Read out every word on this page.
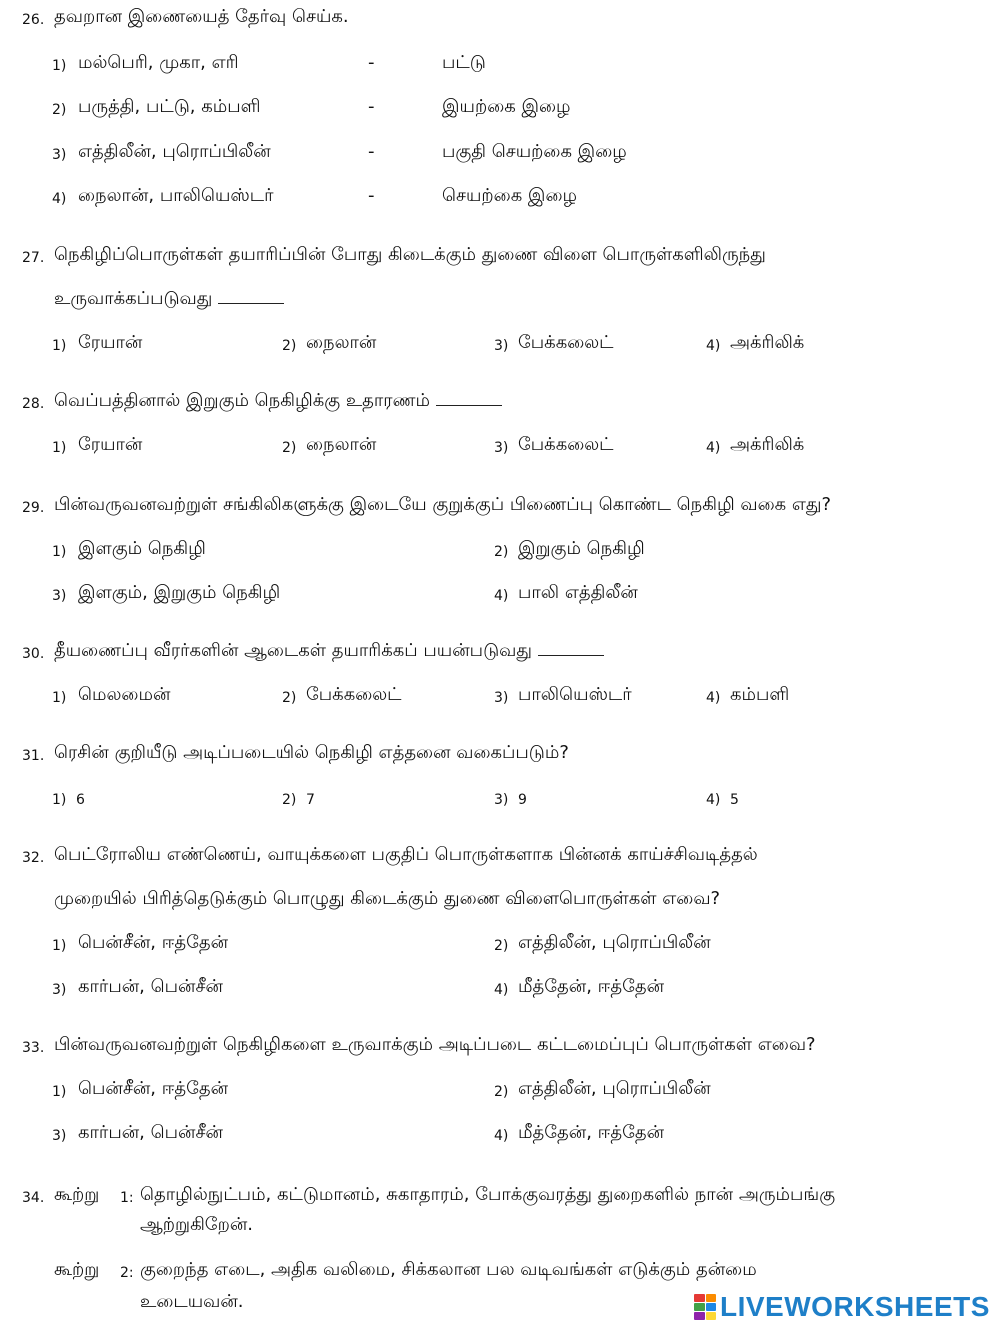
26. தவறான இணையைத் தேர்வு செய்க.
1) மல்பெரி, முகா, எரி	-	பட்டு
2) பருத்தி, பட்டு, கம்பளி	-	இயற்கை இழை
3) எத்திலீன், புரொப்பிலீன்	-	பகுதி செயற்கை இழை
4) நைலான், பாலியெஸ்டர்	-	செயற்கை இழை
27. நெகிழிப்பொருள்கள் தயாரிப்பின் போது கிடைக்கும் துணை விளை பொருள்களிலிருந்து
உருவாக்கப்படுவது
1) ரேயான்	2) நைலான்	3) பேக்கலைட்	4) அக்ரிலிக்
28. வெப்பத்தினால் இறுகும் நெகிழிக்கு உதாரணம்
1) ரேயான்	2) நைலான்	3) பேக்கலைட்	4) அக்ரிலிக்
29. பின்வருவனவற்றுள் சங்கிலிகளுக்கு இடையே குறுக்குப் பிணைப்பு கொண்ட நெகிழி வகை எது?
1) இளகும் நெகிழி	2) இறுகும் நெகிழி
3) இளகும், இறுகும் நெகிழி	4) பாலி எத்திலீன்
30. தீயணைப்பு வீரர்களின் ஆடைகள் தயாரிக்கப் பயன்படுவது
1) மெலமைன்	2) பேக்கலைட்	3) பாலியெஸ்டர்	4) கம்பளி
31. ரெசின் குறியீடு அடிப்படையில் நெகிழி எத்தனை வகைப்படும்?
1) 6	2) 7	3) 9	4) 5
32. பெட்ரோலிய எண்ணெய், வாயுக்களை பகுதிப் பொருள்களாக பின்னக் காய்ச்சிவடித்தல்
முறையில் பிரித்தெடுக்கும் பொழுது கிடைக்கும் துணை விளைபொருள்கள் எவை?
1) பென்சீன், ஈத்தேன்	2) எத்திலீன், புரொப்பிலீன்
3) கார்பன், பென்சீன்	4) மீத்தேன், ஈத்தேன்
33. பின்வருவனவற்றுள் நெகிழிகளை உருவாக்கும் அடிப்படை கட்டமைப்புப் பொருள்கள் எவை?
1) பென்சீன், ஈத்தேன்	2) எத்திலீன், புரொப்பிலீன்
3) கார்பன், பென்சீன்	4) மீத்தேன், ஈத்தேன்
34. கூற்று 1: தொழில்நுட்பம், கட்டுமானம், சுகாதாரம், போக்குவரத்து துறைகளில் நான் அரும்பங்கு
ஆற்றுகிறேன்.
கூற்று 2: குறைந்த எடை, அதிக வலிமை, சிக்கலான பல வடிவங்கள் எடுக்கும் தன்மை
உடையவன்.	LIVEWORKSHEETS
